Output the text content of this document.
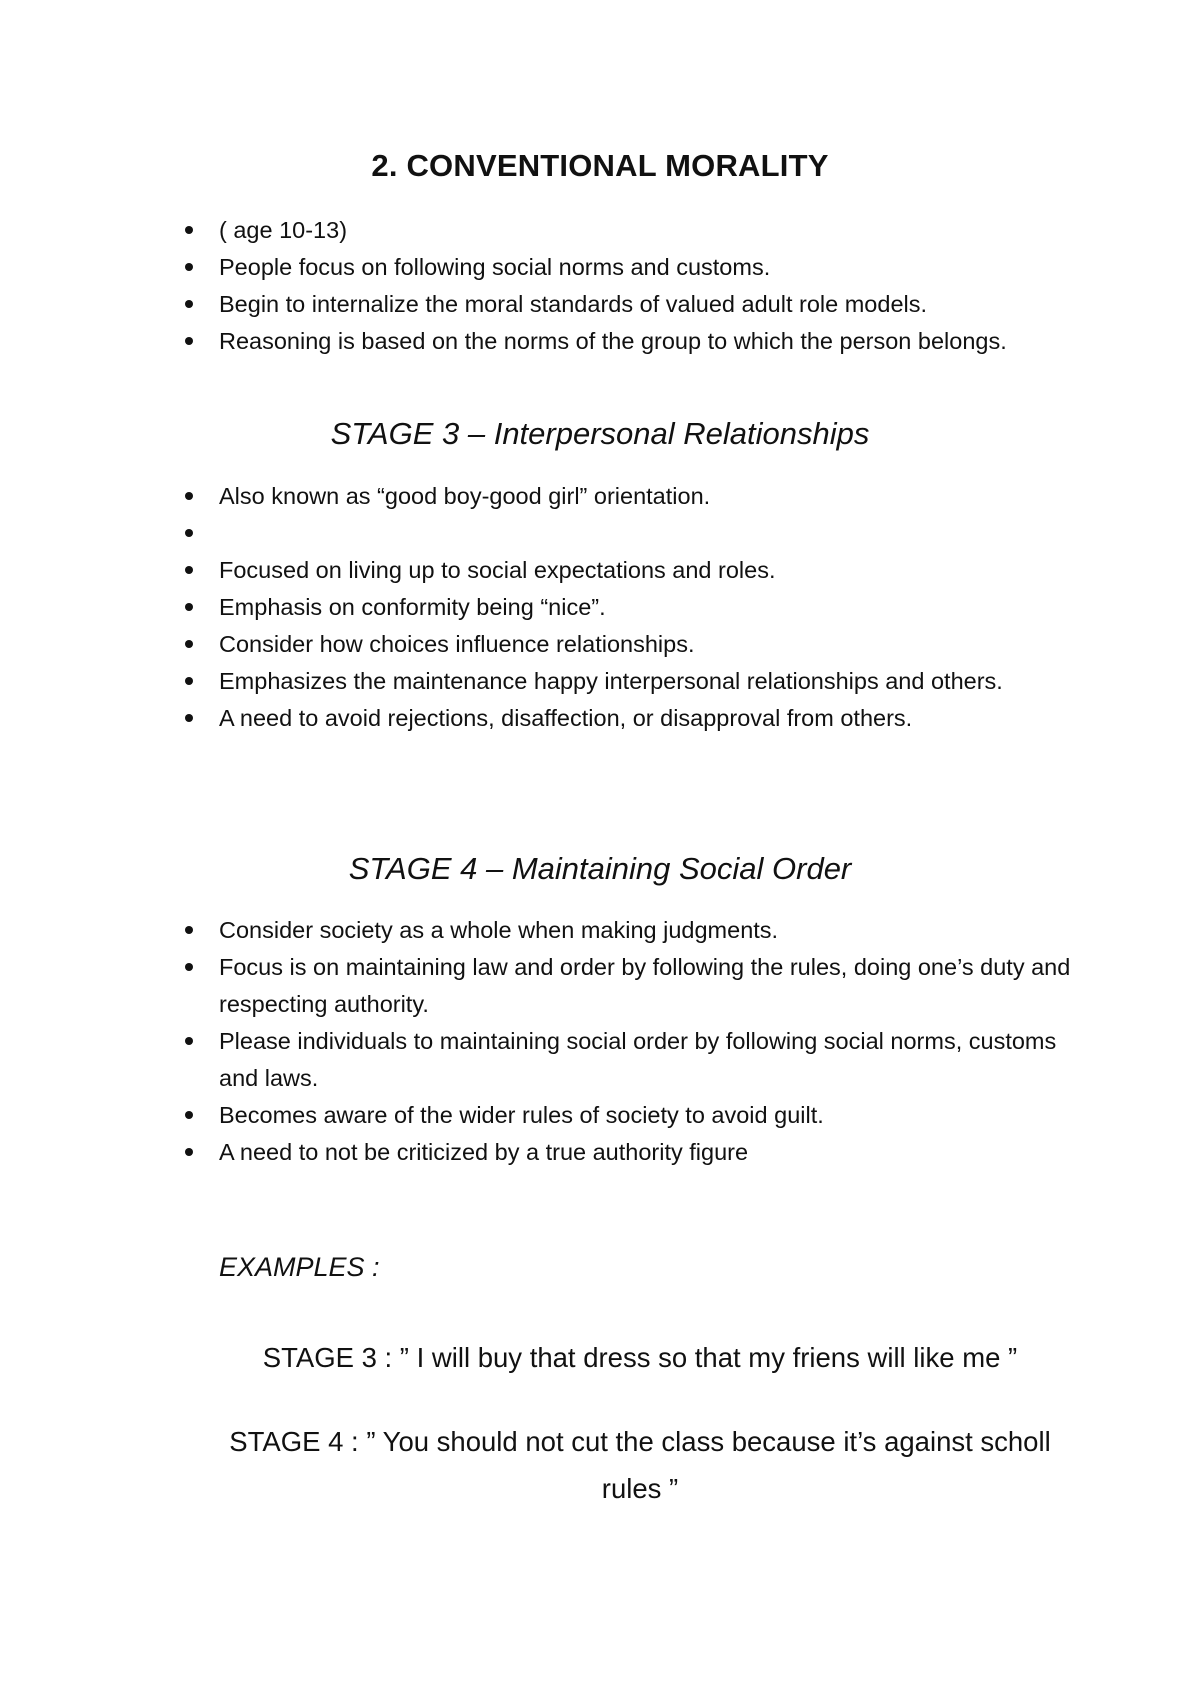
2. CONVENTIONAL MORALITY
( age 10-13)
People focus on following social norms and customs.
Begin to internalize the moral standards of valued adult role models.
Reasoning is based on the norms of the group to which the person belongs.
STAGE 3 – Interpersonal Relationships
Also known as “good boy-good girl” orientation.
Focused on living up to social expectations and roles.
Emphasis on conformity being “nice”.
Consider how choices influence relationships.
Emphasizes the maintenance happy interpersonal relationships and others.
A need to avoid rejections, disaffection, or disapproval from others.
STAGE 4 – Maintaining Social Order
Consider society as a whole when making judgments.
Focus is on maintaining law and order by following the rules, doing one’s duty and respecting authority.
Please individuals to maintaining social order by following social norms, customs and laws.
Becomes aware of the wider rules of society to avoid guilt.
A need to not be criticized by a true authority figure

EXAMPLES :

STAGE 3 : ” I will buy that dress so that my friens will like me ”

STAGE 4 : ” You should not cut the class because it’s against scholl rules ”
